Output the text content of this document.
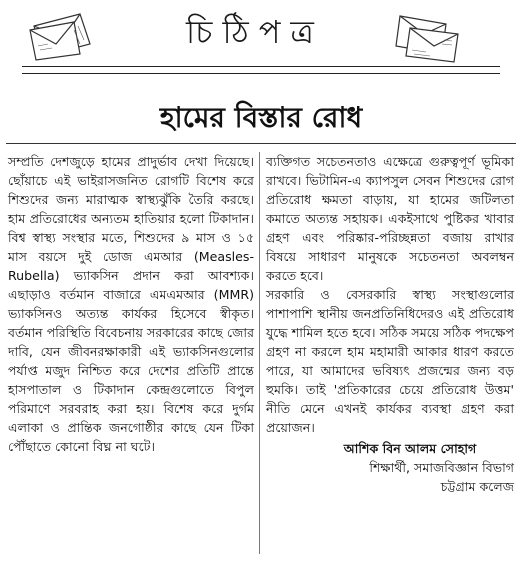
চিঠিপত্র
হামের বিস্তার রোধ

সম্প্রতি দেশজুড়ে হামের প্রাদুর্ভাব দেখা দিয়েছে। ছোঁয়াচে এই ভাইরাসজনিত রোগটি বিশেষ করে শিশুদের জন্য মারাত্মক স্বাস্থ্যঝুঁকি তৈরি করছে। হাম প্রতিরোধের অন্যতম হাতিয়ার হলো টিকাদান। বিশ্ব স্বাস্থ্য সংস্থার মতে, শিশুদের ৯ মাস ও ১৫ মাস বয়সে দুই ডোজ এমআর (Measles-Rubella) ভ্যাকসিন প্রদান করা আবশ্যক। এছাড়াও বর্তমান বাজারে এমএমআর (MMR) ভ্যাকসিনও অত্যন্ত কার্যকর হিসেবে স্বীকৃত। বর্তমান পরিস্থিতি বিবেচনায় সরকারের কাছে জোর দাবি, যেন জীবনরক্ষাকারী এই ভ্যাকসিনগুলোর পর্যাপ্ত মজুদ নিশ্চিত করে দেশের প্রতিটি প্রান্তে হাসপাতাল ও টিকাদান কেন্দ্রগুলোতে বিপুল পরিমাণে সরবরাহ করা হয়। বিশেষ করে দুর্গম এলাকা ও প্রান্তিক জনগোষ্ঠীর কাছে যেন টিকা পৌঁছাতে কোনো বিঘ্ন না ঘটে।

ব্যক্তিগত সচেতনতাও এক্ষেত্রে গুরুত্বপূর্ণ ভূমিকা রাখবে। ভিটামিন-এ ক্যাপসুল সেবন শিশুদের রোগ প্রতিরোধ ক্ষমতা বাড়ায়, যা হামের জটিলতা কমাতে অত্যন্ত সহায়ক। একইসাথে পুষ্টিকর খাবার গ্রহণ এবং পরিষ্কার-পরিচ্ছন্নতা বজায় রাখার বিষয়ে সাধারণ মানুষকে সচেতনতা অবলম্বন করতে হবে।

সরকারি ও বেসরকারি স্বাস্থ্য সংস্থাগুলোর পাশাপাশি স্থানীয় জনপ্রতিনিধিদেরও এই প্রতিরোধ যুদ্ধে শামিল হতে হবে। সঠিক সময়ে সঠিক পদক্ষেপ গ্রহণ না করলে হাম মহামারী আকার ধারণ করতে পারে, যা আমাদের ভবিষ্যৎ প্রজন্মের জন্য বড় হুমকি। তাই 'প্রতিকারের চেয়ে প্রতিরোধ উত্তম' নীতি মেনে এখনই কার্যকর ব্যবস্থা গ্রহণ করা প্রয়োজন।

আশিক বিন আলম সোহাগ
শিক্ষার্থী, সমাজবিজ্ঞান বিভাগ
চট্টগ্রাম কলেজ
